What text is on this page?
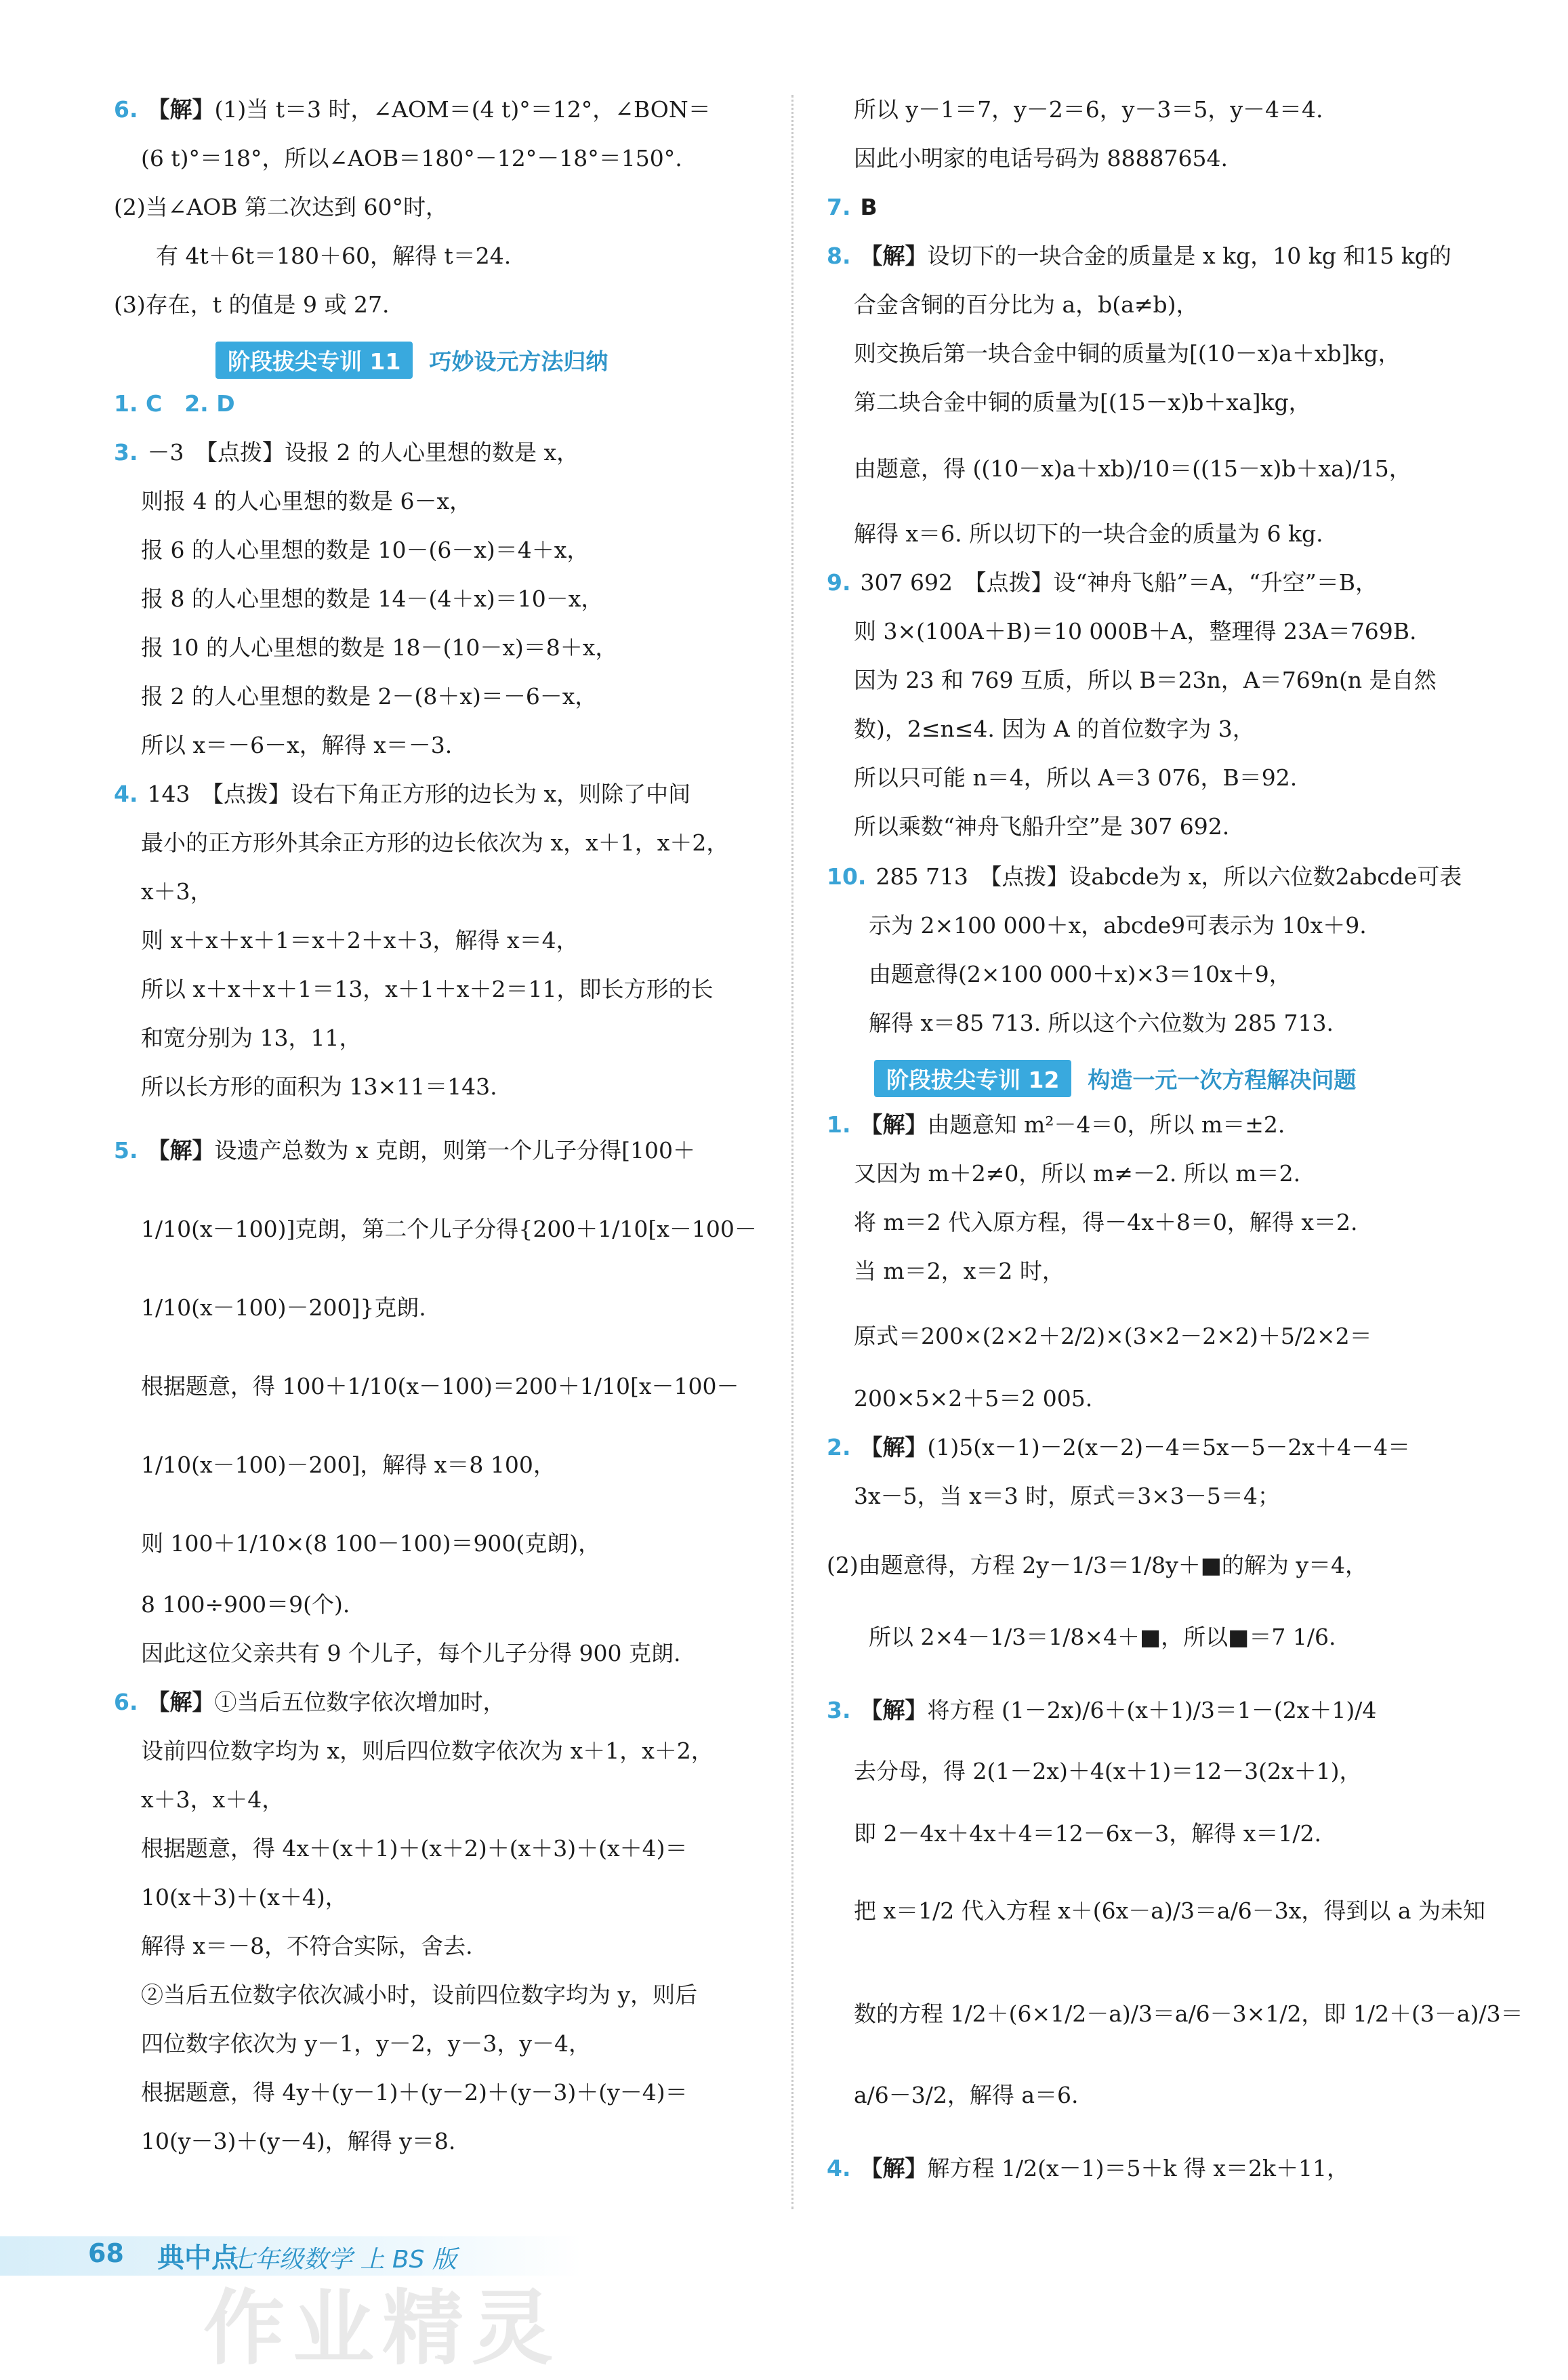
6. 【解】(1)当 t＝3 时，∠AOM＝(4 t)°＝12°，∠BON＝
(6 t)°＝18°，所以∠AOB＝180°－12°－18°＝150°.
(2)当∠AOB 第二次达到 60°时，
有 4t＋6t＝180＋60，解得 t＝24.
(3)存在，t 的值是 9 或 27.
阶段拔尖专训 11	巧妙设元方法归纳
1. C　2. D
3. －3　【点拨】设报 2 的人心里想的数是 x，
则报 4 的人心里想的数是 6－x，
报 6 的人心里想的数是 10－(6－x)＝4＋x，
报 8 的人心里想的数是 14－(4＋x)＝10－x，
报 10 的人心里想的数是 18－(10－x)＝8＋x，
报 2 的人心里想的数是 2－(8＋x)＝－6－x，
所以 x＝－6－x，解得 x＝－3.
4. 143　【点拨】设右下角正方形的边长为 x，则除了中间
最小的正方形外其余正方形的边长依次为 x，x＋1，x＋2，
x＋3，
则 x＋x＋x＋1＝x＋2＋x＋3，解得 x＝4，
所以 x＋x＋x＋1＝13，x＋1＋x＋2＝11，即长方形的长
和宽分别为 13，11，
所以长方形的面积为 13×11＝143.
5. 【解】设遗产总数为 x 克朗，则第一个儿子分得[100＋
1/10(x－100)]克朗，第二个儿子分得{200＋1/10[x－100－
1/10(x－100)－200]}克朗.
根据题意，得 100＋1/10(x－100)＝200＋1/10[x－100－
1/10(x－100)－200]，解得 x＝8 100，
则 100＋1/10×(8 100－100)＝900(克朗)，
8 100÷900＝9(个).
因此这位父亲共有 9 个儿子，每个儿子分得 900 克朗.
6. 【解】①当后五位数字依次增加时，
设前四位数字均为 x，则后四位数字依次为 x＋1，x＋2，
x＋3，x＋4，
根据题意，得 4x＋(x＋1)＋(x＋2)＋(x＋3)＋(x＋4)＝
10(x＋3)＋(x＋4)，
解得 x＝－8，不符合实际，舍去.
②当后五位数字依次减小时，设前四位数字均为 y，则后
四位数字依次为 y－1，y－2，y－3，y－4，
根据题意，得 4y＋(y－1)＋(y－2)＋(y－3)＋(y－4)＝
10(y－3)＋(y－4)，解得 y＝8.
所以 y－1＝7，y－2＝6，y－3＝5，y－4＝4.
因此小明家的电话号码为 88887654.
7. B
8. 【解】设切下的一块合金的质量是 x kg，10 kg 和15 kg的
合金含铜的百分比为 a，b(a≠b)，
则交换后第一块合金中铜的质量为[(10－x)a＋xb]kg，
第二块合金中铜的质量为[(15－x)b＋xa]kg，
由题意，得 ((10－x)a＋xb)/10＝((15－x)b＋xa)/15，
解得 x＝6. 所以切下的一块合金的质量为 6 kg.
9. 307 692　【点拨】设“神舟飞船”＝A，“升空”＝B，
则 3×(100A＋B)＝10 000B＋A，整理得 23A＝769B.
因为 23 和 769 互质，所以 B＝23n，A＝769n(n 是自然
数)，2≤n≤4. 因为 A 的首位数字为 3，
所以只可能 n＝4，所以 A＝3 076，B＝92.
所以乘数“神舟飞船升空”是 307 692.
10. 285 713　【点拨】设abcde为 x，所以六位数2abcde可表
示为 2×100 000＋x，abcde9可表示为 10x＋9.
由题意得(2×100 000＋x)×3＝10x＋9，
解得 x＝85 713. 所以这个六位数为 285 713.
阶段拔尖专训 12	构造一元一次方程解决问题
1. 【解】由题意知 m²－4＝0，所以 m＝±2.
又因为 m＋2≠0，所以 m≠－2. 所以 m＝2.
将 m＝2 代入原方程，得－4x＋8＝0，解得 x＝2.
当 m＝2，x＝2 时，
原式＝200×(2×2＋2/2)×(3×2－2×2)＋5/2×2＝
200×5×2＋5＝2 005.
2. 【解】(1)5(x－1)－2(x－2)－4＝5x－5－2x＋4－4＝
3x－5，当 x＝3 时，原式＝3×3－5＝4；
(2)由题意得，方程 2y－1/3＝1/8y＋■的解为 y＝4，
所以 2×4－1/3＝1/8×4＋■，所以■＝7 1/6.
3. 【解】将方程 (1－2x)/6＋(x＋1)/3＝1－(2x＋1)/4
去分母，得 2(1－2x)＋4(x＋1)＝12－3(2x＋1)，
即 2－4x＋4x＋4＝12－6x－3，解得 x＝1/2.
把 x＝1/2 代入方程 x＋(6x－a)/3＝a/6－3x，得到以 a 为未知
数的方程 1/2＋(6×1/2－a)/3＝a/6－3×1/2，即 1/2＋(3－a)/3＝
a/6－3/2，解得 a＝6.
4. 【解】解方程 1/2(x－1)＝5＋k 得 x＝2k＋11，
68 典中点
七年级数学 上 BS 版
作业精灵
